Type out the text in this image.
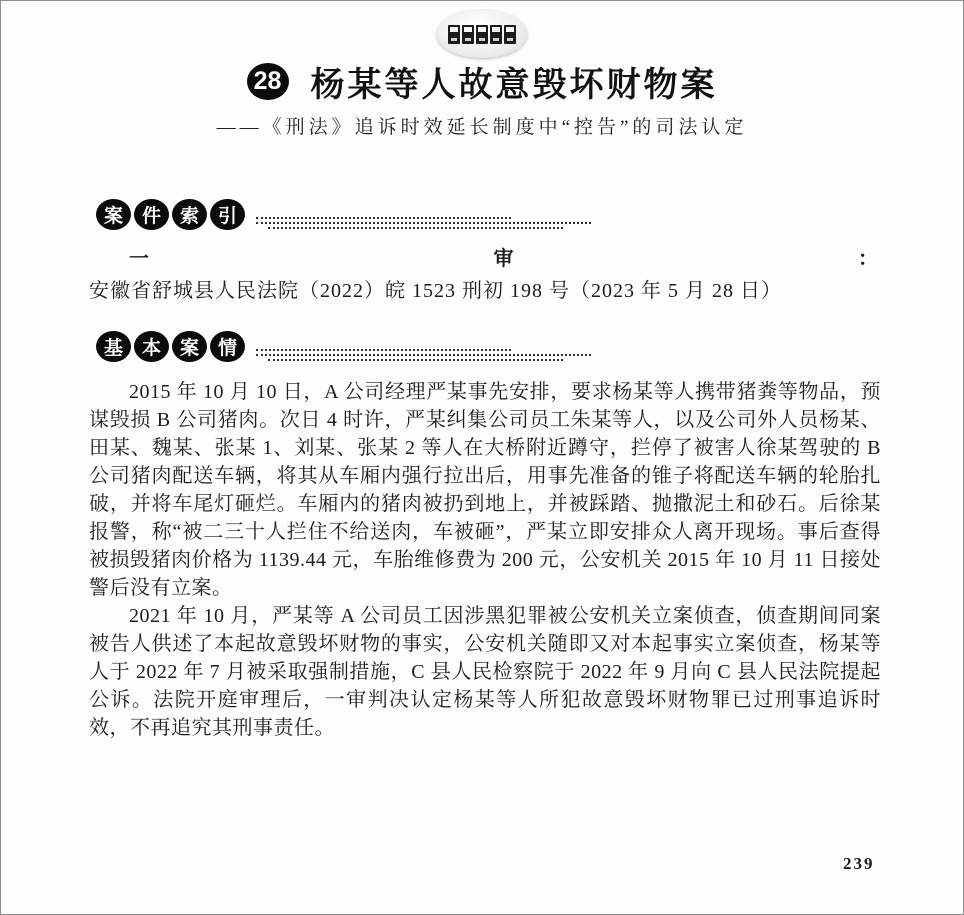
28 杨某等人故意毁坏财物案
——《刑法》追诉时效延长制度中“控告”的司法认定
案 件 索 引

一审：安徽省舒城县人民法院（2022）皖 1523 刑初 198 号（2023 年 5 月 28 日）

基 本 案 情

2015 年 10 月 10 日，A 公司经理严某事先安排，要求杨某等人携带猪粪等物品，预谋毁损 B 公司猪肉。次日 4 时许，严某纠集公司员工朱某等人，以及公司外人员杨某、田某、魏某、张某 1、刘某、张某 2 等人在大桥附近蹲守，拦停了被害人徐某驾驶的 B 公司猪肉配送车辆，将其从车厢内强行拉出后，用事先准备的锥子将配送车辆的轮胎扎破，并将车尾灯砸烂。车厢内的猪肉被扔到地上，并被踩踏、抛撒泥土和砂石。后徐某报警，称“被二三十人拦住不给送肉，车被砸”，严某立即安排众人离开现场。事后查得被损毁猪肉价格为 1139.44 元，车胎维修费为 200 元，公安机关 2015 年 10 月 11 日接处警后没有立案。

2021 年 10 月，严某等 A 公司员工因涉黑犯罪被公安机关立案侦查，侦查期间同案被告人供述了本起故意毁坏财物的事实，公安机关随即又对本起事实立案侦查，杨某等人于 2022 年 7 月被采取强制措施，C 县人民检察院于 2022 年 9 月向 C 县人民法院提起公诉。法院开庭审理后，一审判决认定杨某等人所犯故意毁坏财物罪已过刑事追诉时效，不再追究其刑事责任。

239
